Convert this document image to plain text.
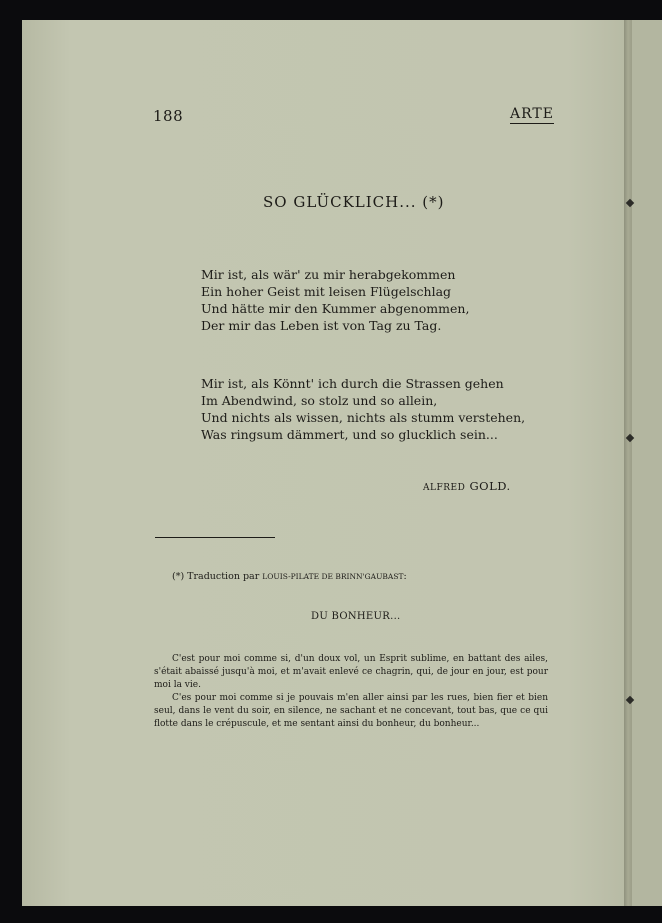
188	ARTE
SO GLÜCKLICH... (*)
Mir ist, als wär' zu mir herabgekommen
Ein hoher Geist mit leisen Flügelschlag
Und hätte mir den Kummer abgenommen,
Der mir das Leben ist von Tag zu Tag.
Mir ist, als Könnt' ich durch die Strassen gehen
Im Abendwind, so stolz und so allein,
Und nichts als wissen, nichts als stumm verstehen,
Was ringsum dämmert, und so glucklich sein...
ALFRED GOLD.
(*) Traduction par LOUIS-PILATE DE BRINN'GAUBAST:
DU BONHEUR...
C'est pour moi comme si, d'un doux vol, un Esprit sublime, en battant des ailes, s'était abaissé jusqu'à moi, et m'avait enlevé ce chagrin, qui, de jour en jour, est pour moi la vie.
C'es pour moi comme si je pouvais m'en aller ainsi par les rues, bien fier et bien seul, dans le vent du soir, en silence, ne sachant et ne concevant, tout bas, que ce qui flotte dans le crépuscule, et me sentant ainsi du bonheur, du bonheur...
